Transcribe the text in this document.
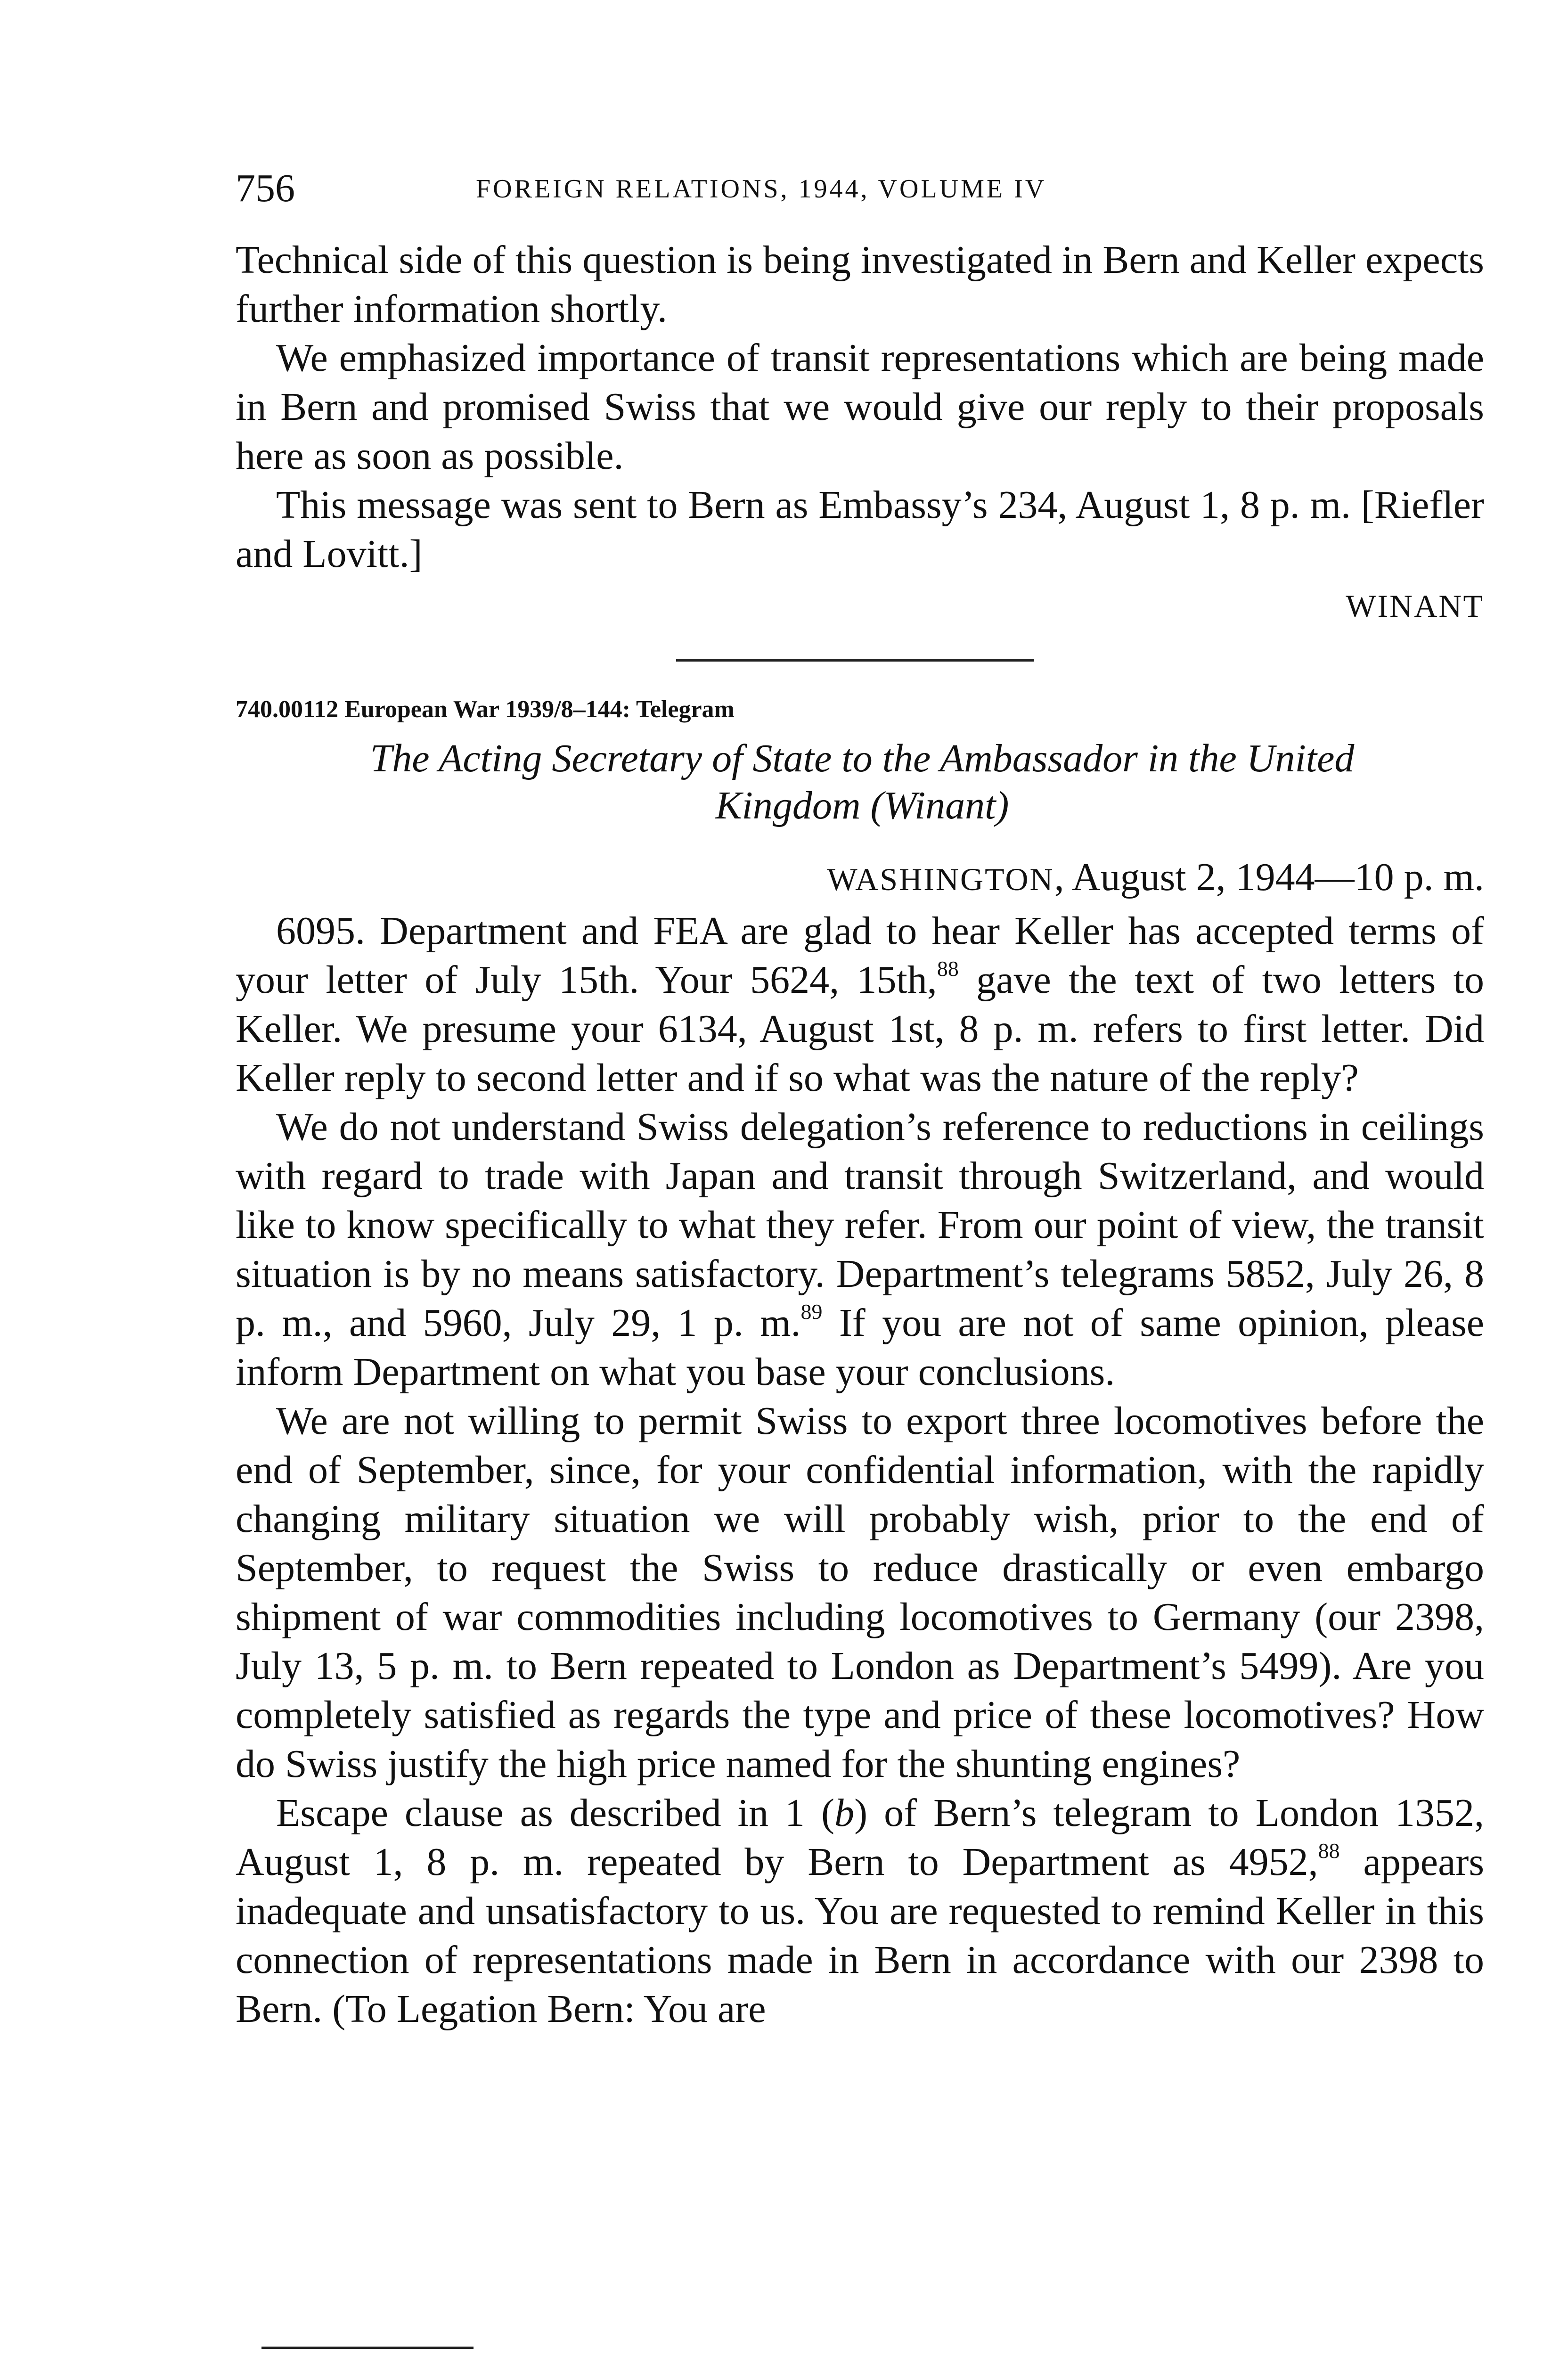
756	FOREIGN RELATIONS, 1944, VOLUME IV

Technical side of this question is being investigated in Bern and Keller expects further information shortly.

We emphasized importance of transit representations which are being made in Bern and promised Swiss that we would give our reply to their proposals here as soon as possible.

This message was sent to Bern as Embassy’s 234, August 1, 8 p. m. [Riefler and Lovitt.]

WINANT
740.00112 European War 1939/8–144: Telegram
The Acting Secretary of State to the Ambassador in the United Kingdom (Winant)
WASHINGTON, August 2, 1944—10 p. m.

6095. Department and FEA are glad to hear Keller has accepted terms of your letter of July 15th. Your 5624, 15th,$^{88}$ gave the text of two letters to Keller. We presume your 6134, August 1st, 8 p. m. refers to first letter. Did Keller reply to second letter and if so what was the nature of the reply?

We do not understand Swiss delegation’s reference to reductions in ceilings with regard to trade with Japan and transit through Switzerland, and would like to know specifically to what they refer. From our point of view, the transit situation is by no means satisfactory. Department’s telegrams 5852, July 26, 8 p. m., and 5960, July 29, 1 p. m.$^{89}$ If you are not of same opinion, please inform Department on what you base your conclusions.

We are not willing to permit Swiss to export three locomotives before the end of September, since, for your confidential information, with the rapidly changing military situation we will probably wish, prior to the end of September, to request the Swiss to reduce drastically or even embargo shipment of war commodities including locomotives to Germany (our 2398, July 13, 5 p. m. to Bern repeated to London as Department’s 5499). Are you completely satisfied as regards the type and price of these locomotives? How do Swiss justify the high price named for the shunting engines?

Escape clause as described in 1 (b) of Bern’s telegram to London 1352, August 1, 8 p. m. repeated by Bern to Department as 4952,88 appears inadequate and unsatisfactory to us. You are requested to remind Keller in this connection of representations made in Bern in accordance with our 2398 to Bern. (To Legation Bern: You are
